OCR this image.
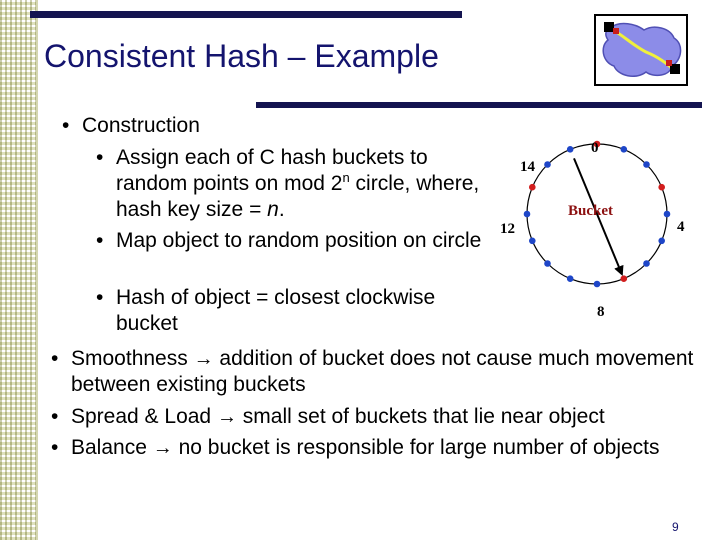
Consistent Hash – Example
• Construction
• Assign each of C hash buckets to random points on mod 2$^n$ circle, where, hash key size = n.
• Map object to random position on circle
• Hash of object = closest clockwise bucket
• Smoothness → addition of bucket does not cause much movement between existing buckets
• Spread & Load → small set of buckets that lie near object
• Balance → no bucket is responsible for large number of objects
0
4
8
12
14
Bucket
9
